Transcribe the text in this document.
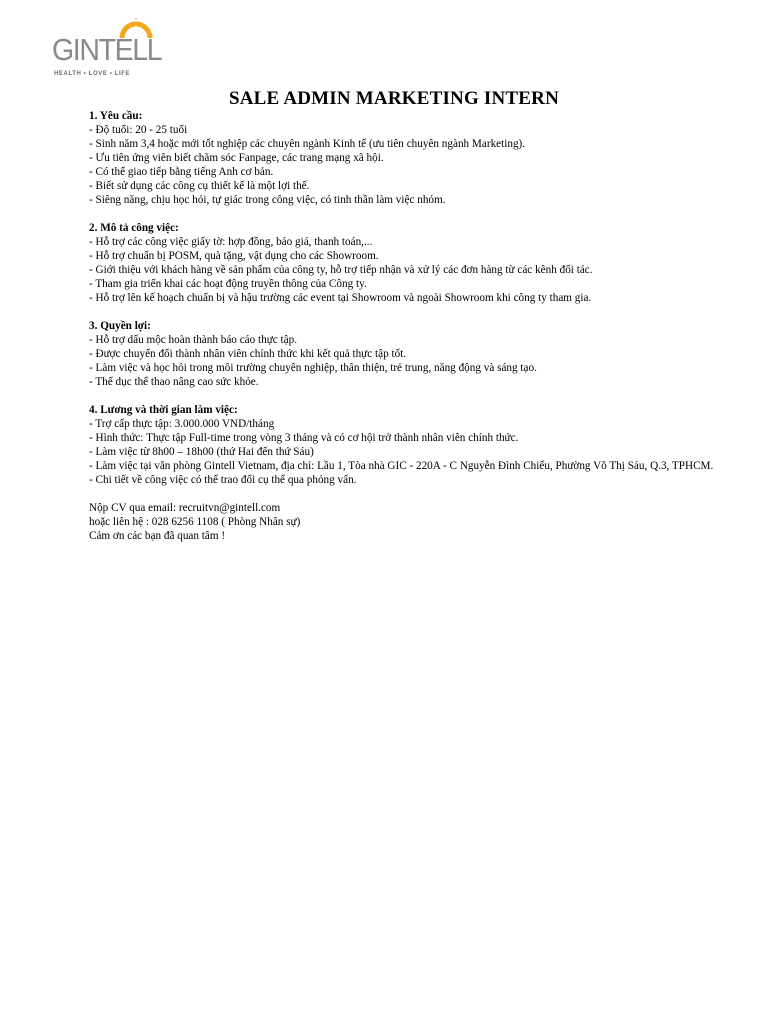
GINTELL
HEALTH • LOVE • LIFE
SALE ADMIN MARKETING INTERN
1. Yêu cầu:
- Độ tuổi: 20 - 25 tuổi
- Sinh năm 3,4 hoặc mới tốt nghiệp các chuyên ngành Kinh tế (ưu tiên chuyên ngành Marketing).
- Ưu tiên ứng viên biết chăm sóc Fanpage, các trang mạng xã hội.
- Có thể giao tiếp bằng tiếng Anh cơ bản.
- Biết sử dụng các công cụ thiết kế là một lợi thế.
- Siêng năng, chịu học hỏi, tự giác trong công việc, có tinh thần làm việc nhóm.
2. Mô tả công việc:
- Hỗ trợ các công việc giấy tờ: hợp đồng, báo giá, thanh toán,...
- Hỗ trợ chuẩn bị POSM, quà tặng, vật dụng cho các Showroom.
- Giới thiệu với khách hàng về sản phẩm của công ty, hỗ trợ tiếp nhận và xử lý các đơn hàng từ các kênh đối tác.
- Tham gia triển khai các hoạt động truyền thông của Công ty.
- Hỗ trợ lên kế hoạch chuẩn bị và hậu trường các event tại Showroom và ngoài Showroom khi công ty tham gia.
3. Quyền lợi:
- Hỗ trợ dấu mộc hoàn thành báo cáo thực tập.
- Được chuyển đổi thành nhân viên chính thức khi kết quả thực tập tốt.
- Làm việc và học hỏi trong môi trường chuyên nghiệp, thân thiện, trẻ trung, năng động và sáng tạo.
- Thể dục thể thao nâng cao sức khỏe.
4. Lương và thời gian làm việc:
- Trợ cấp thực tập: 3.000.000 VND/tháng
- Hình thức: Thực tập Full-time trong vòng 3 tháng và có cơ hội trở thành nhân viên chính thức.
- Làm việc từ 8h00 – 18h00 (thứ Hai đến thứ Sáu)
- Làm việc tại văn phòng Gintell Vietnam, địa chỉ: Lầu 1, Tòa nhà GIC - 220A - C Nguyễn Đình Chiểu, Phường Võ Thị Sáu, Q.3, TPHCM.
- Chi tiết về công việc có thể trao đổi cụ thể qua phỏng vấn.
Nộp CV qua email: recruitvn@gintell.com
hoặc liên hệ : 028 6256 1108 ( Phòng Nhân sự)
Cảm ơn các bạn đã quan tâm !
